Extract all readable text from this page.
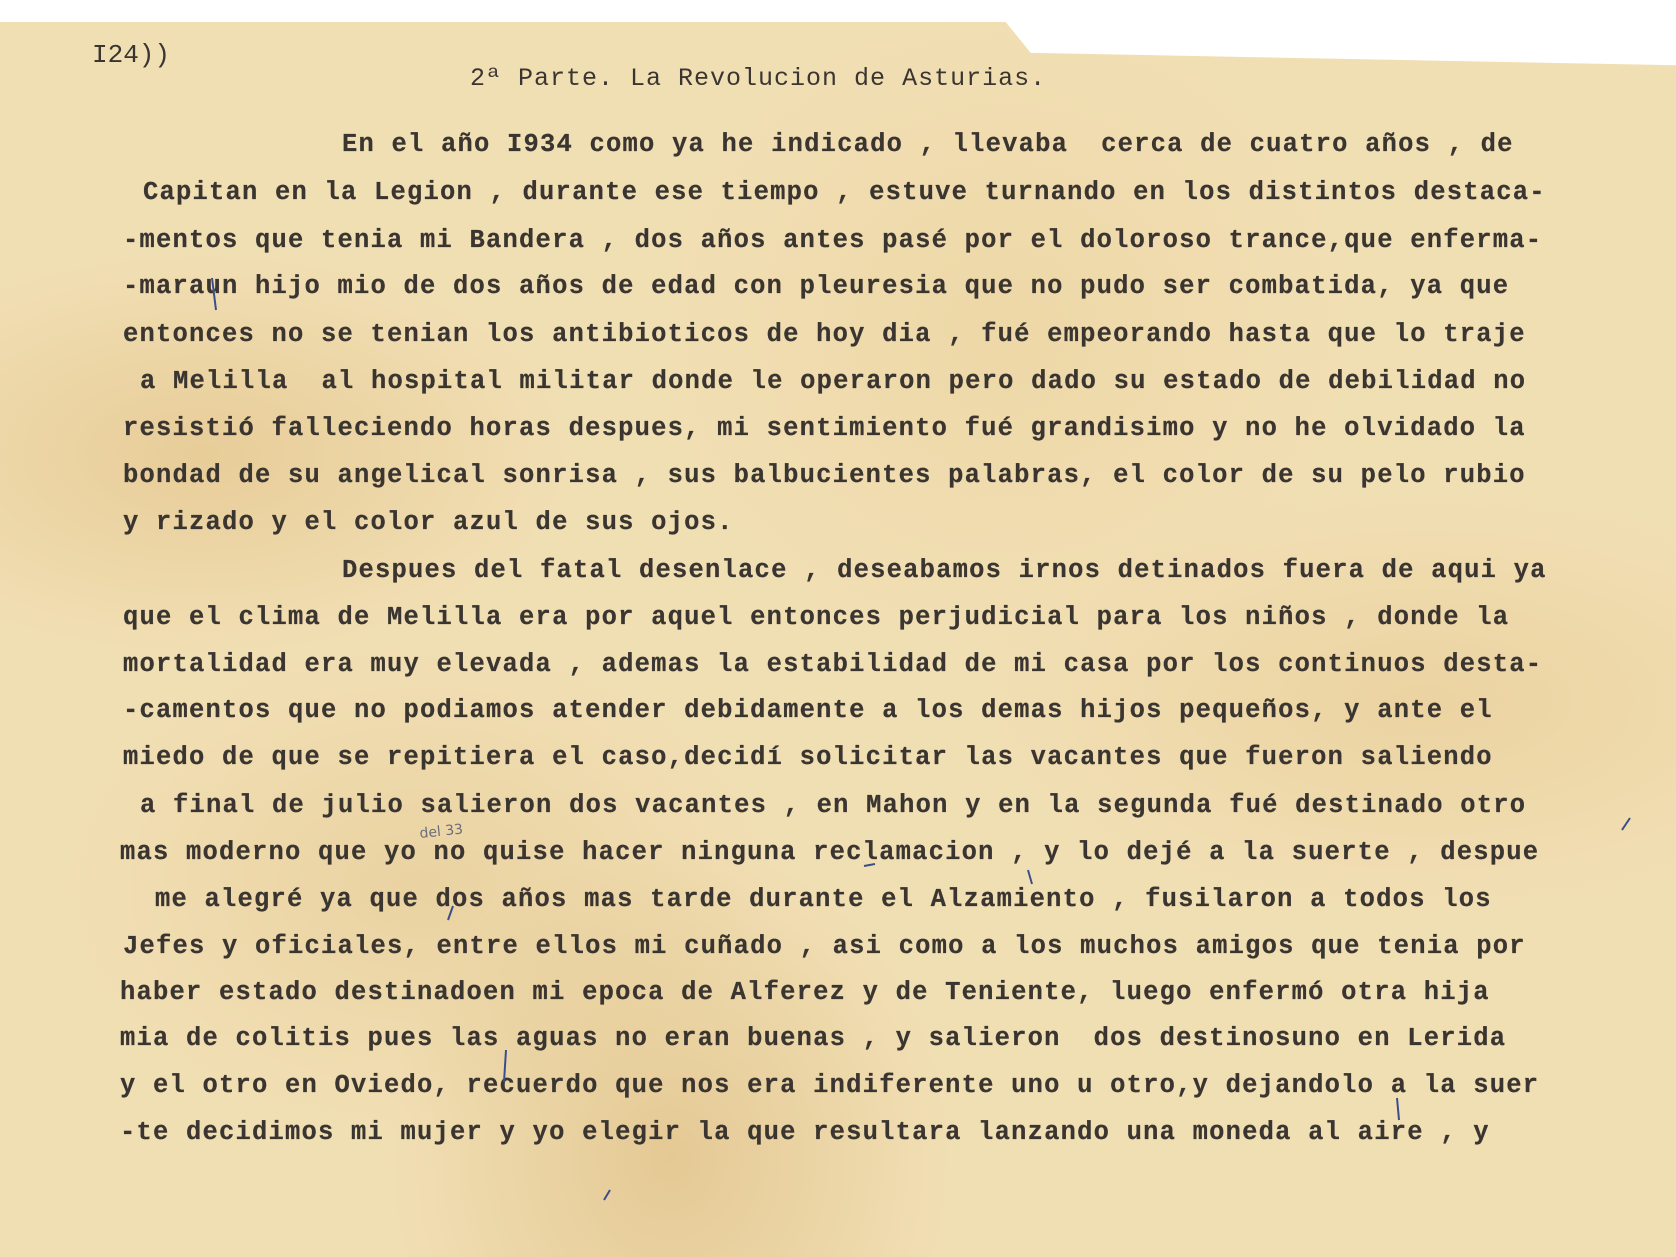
I24))
2ª Parte. La Revolucion de Asturias.
En el año I934 como ya he indicado , llevaba  cerca de cuatro años , de
Capitan en la Legion , durante ese tiempo , estuve turnando en los distintos destaca-
-mentos que tenia mi Bandera , dos años antes pasé por el doloroso trance,que enferma-
-maraun hijo mio de dos años de edad con pleuresia que no pudo ser combatida, ya que
entonces no se tenian los antibioticos de hoy dia , fué empeorando hasta que lo traje
a Melilla  al hospital militar donde le operaron pero dado su estado de debilidad no
resistió falleciendo horas despues, mi sentimiento fué grandisimo y no he olvidado la
bondad de su angelical sonrisa , sus balbucientes palabras, el color de su pelo rubio
y rizado y el color azul de sus ojos.
Despues del fatal desenlace , deseabamos irnos detinados fuera de aqui ya
que el clima de Melilla era por aquel entonces perjudicial para los niños , donde la
mortalidad era muy elevada , ademas la estabilidad de mi casa por los continuos desta-
-camentos que no podiamos atender debidamente a los demas hijos pequeños, y ante el
miedo de que se repitiera el caso,decidí solicitar las vacantes que fueron saliendo
a final de julio salieron dos vacantes , en Mahon y en la segunda fué destinado otro
mas moderno que yo no quise hacer ninguna reclamacion , y lo dejé a la suerte , despue
me alegré ya que dos años mas tarde durante el Alzamiento , fusilaron a todos los
Jefes y oficiales, entre ellos mi cuñado , asi como a los muchos amigos que tenia por
haber estado destinadoen mi epoca de Alferez y de Teniente, luego enfermó otra hija
mia de colitis pues las aguas no eran buenas , y salieron  dos destinosuno en Lerida
y el otro en Oviedo, recuerdo que nos era indiferente uno u otro,y dejandolo a la suer
-te decidimos mi mujer y yo elegir la que resultara lanzando una moneda al aire , y
del 33
